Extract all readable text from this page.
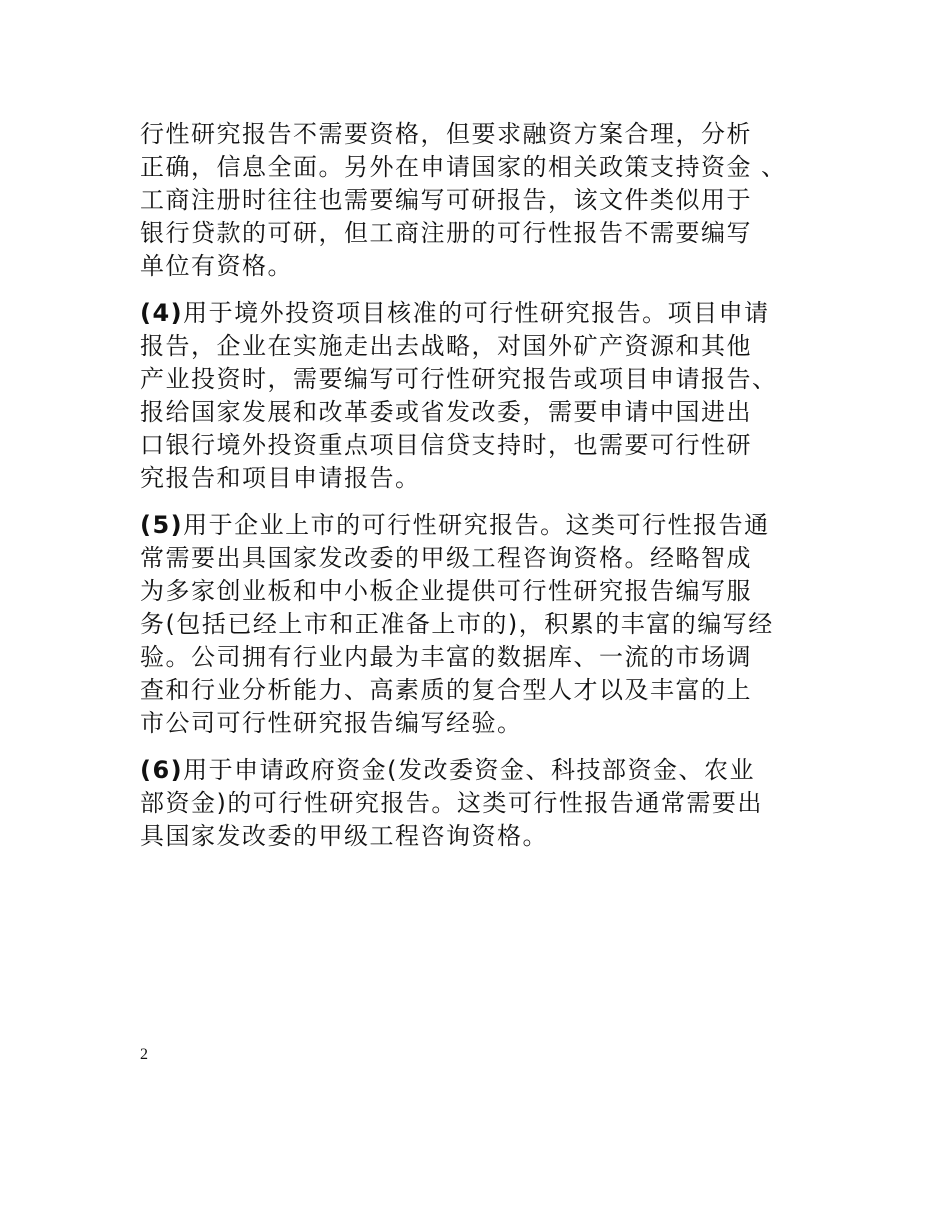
行性研究报告不需要资格，但要求融资方案合理，分析
正确，信息全面。另外在申请国家的相关政策支持资金 、
工商注册时往往也需要编写可研报告，该文件类似用于
银行贷款的可研，但工商注册的可行性报告不需要编写
单位有资格。
(4)用于境外投资项目核准的可行性研究报告。项目申请
报告，企业在实施走出去战略，对国外矿产资源和其他
产业投资时，需要编写可行性研究报告或项目申请报告、
报给国家发展和改革委或省发改委，需要申请中国进出
口银行境外投资重点项目信贷支持时，也需要可行性研
究报告和项目申请报告。
(5)用于企业上市的可行性研究报告。这类可行性报告通
常需要出具国家发改委的甲级工程咨询资格。经略智成
为多家创业板和中小板企业提供可行性研究报告编写服
务(包括已经上市和正准备上市的)，积累的丰富的编写经
验。公司拥有行业内最为丰富的数据库、一流的市场调
查和行业分析能力、高素质的复合型人才以及丰富的上
市公司可行性研究报告编写经验。
(6)用于申请政府资金(发改委资金、科技部资金、农业
部资金)的可行性研究报告。这类可行性报告通常需要出
具国家发改委的甲级工程咨询资格。
2
